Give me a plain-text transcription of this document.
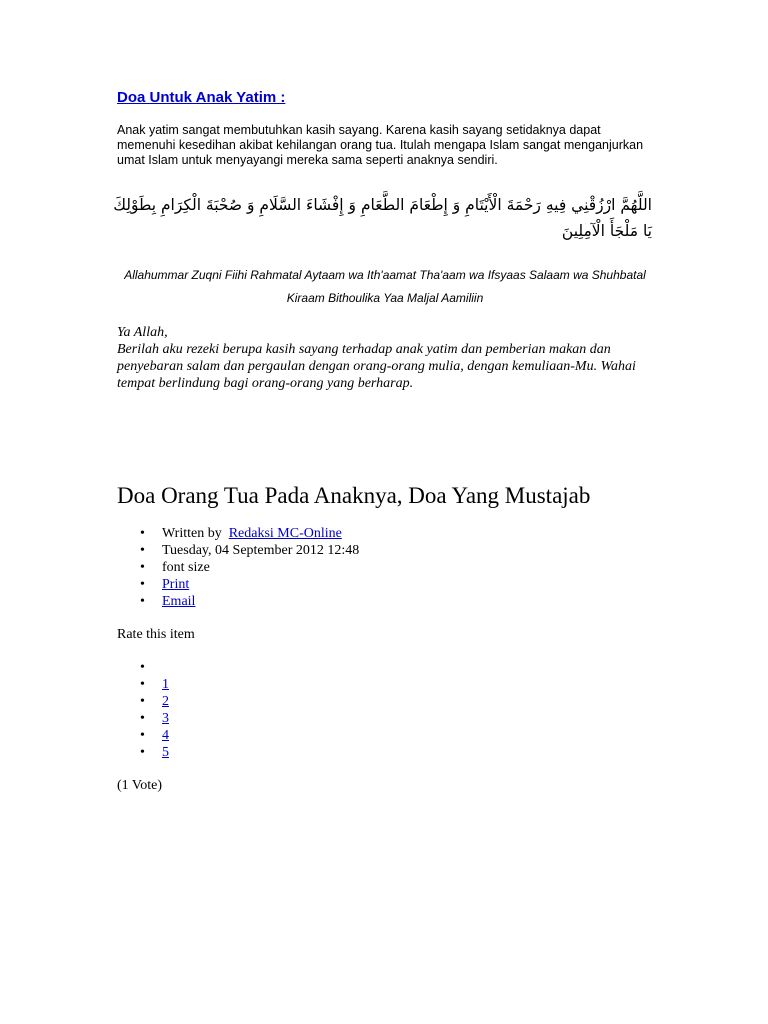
Doa Untuk Anak Yatim :

Anak yatim sangat membutuhkan kasih sayang. Karena kasih sayang setidaknya dapat memenuhi kesedihan akibat kehilangan orang tua. Itulah mengapa Islam sangat menganjurkan umat Islam untuk menyayangi mereka sama seperti anaknya sendiri.

اللَّهُمَّ ارْزُقْنِي فِيهِ رَحْمَةَ الْأَيْتَامِ وَ إِطْعَامَ الطَّعَامِ وَ إِفْشَاءَ السَّلَامِ وَ صُحْبَةَ الْكِرَامِ بِطَوْلِكَ يَا مَلْجَأَ الْآمِلِينَ

Allahummar Zuqni Fiihi Rahmatal Aytaam wa Ith'aamat Tha'aam wa Ifsyaas Salaam wa Shuhbatal Kiraam Bithoulika Yaa Maljal Aamiliin

Ya Allah,

Berilah aku rezeki berupa kasih sayang terhadap anak yatim dan pemberian makan dan penyebaran salam dan pergaulan dengan orang-orang mulia, dengan kemuliaan-Mu. Wahai tempat berlindung bagi orang-orang yang berharap.

Doa Orang Tua Pada Anaknya, Doa Yang Mustajab
• Written by Redaksi MC-Online
• Tuesday, 04 September 2012 12:48
• font size
• Print
• Email
Rate this item
•
• 1
• 2
• 3
• 4
• 5
(1 Vote)
